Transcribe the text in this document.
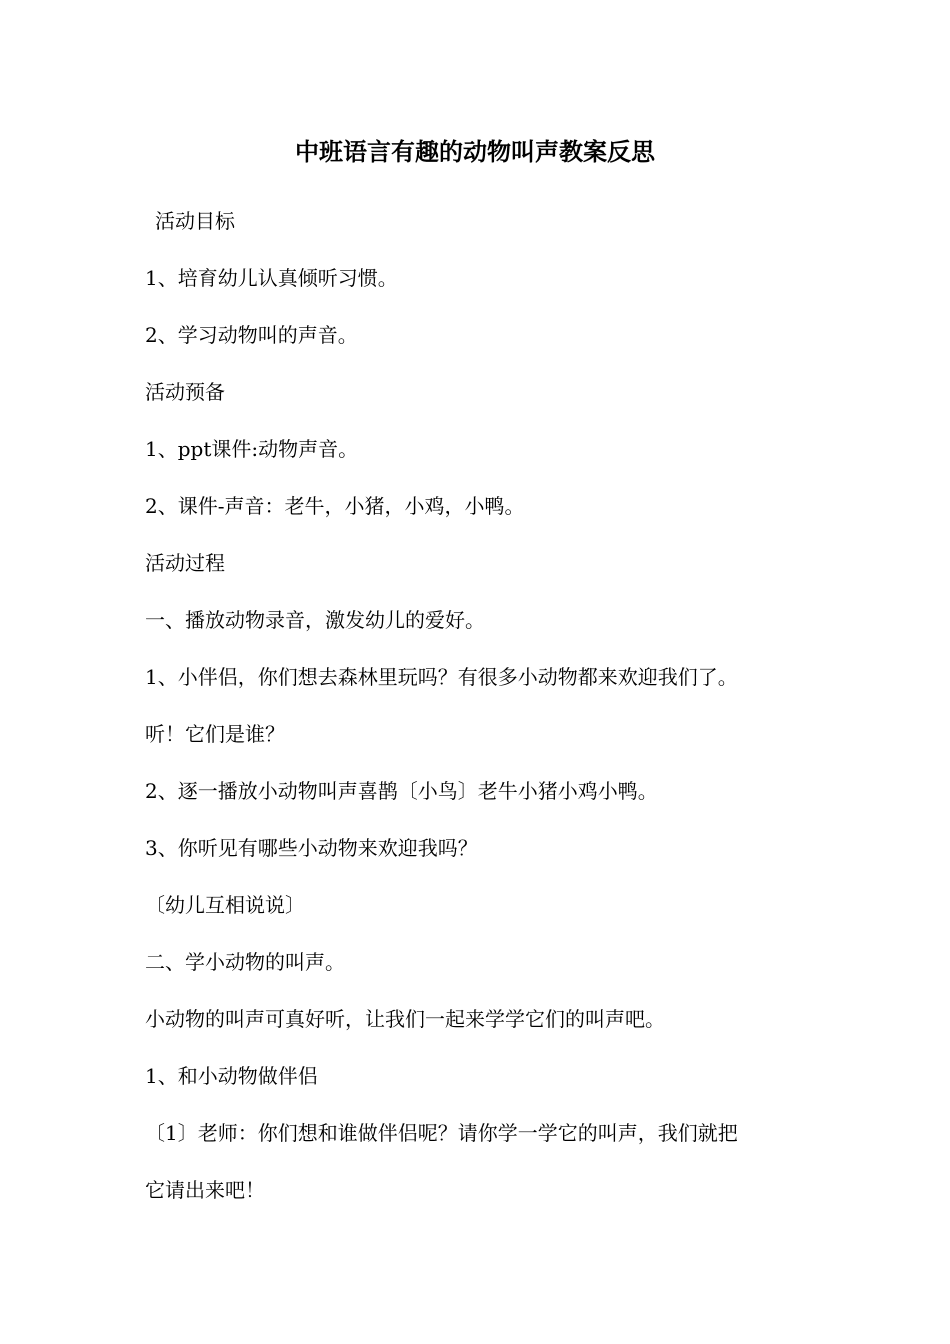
中班语言有趣的动物叫声教案反思
活动目标
1、培育幼儿认真倾听习惯。
2、学习动物叫的声音。
活动预备
1、ppt课件:动物声音。
2、课件-声音：老牛，小猪，小鸡，小鸭。
活动过程
一、播放动物录音，激发幼儿的爱好。
1、小伴侣，你们想去森林里玩吗？有很多小动物都来欢迎我们了。
听！它们是谁？
2、逐一播放小动物叫声喜鹊〔小鸟〕老牛小猪小鸡小鸭。
3、你听见有哪些小动物来欢迎我吗？
〔幼儿互相说说〕
二、学小动物的叫声。
小动物的叫声可真好听，让我们一起来学学它们的叫声吧。
1、和小动物做伴侣
〔1〕老师：你们想和谁做伴侣呢？请你学一学它的叫声，我们就把
它请出来吧！
